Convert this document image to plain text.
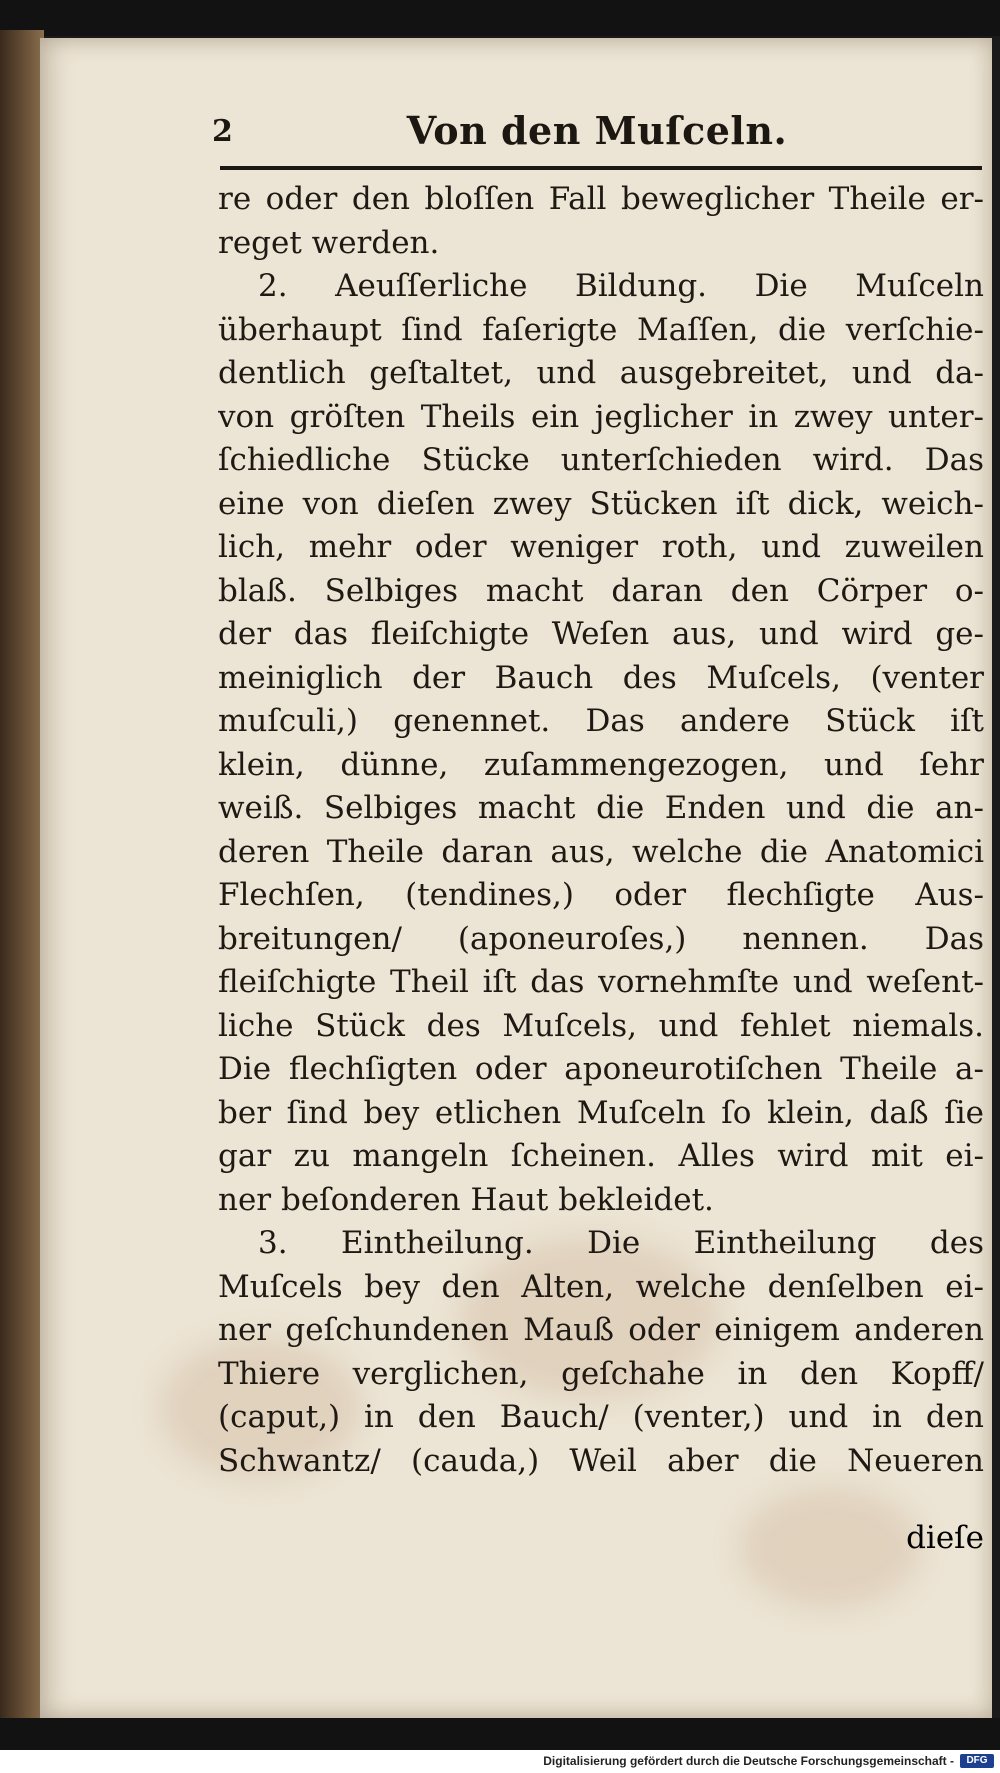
2	Von den Muſceln.
re oder den bloſſen Fall beweglicher Theile er-
reget werden.
2. Aeuſſerliche Bildung. Die Muſceln
überhaupt ſind faſerigte Maſſen, die verſchie-
dentlich geſtaltet, und ausgebreitet, und da-
von gröſten Theils ein jeglicher in zwey unter-
ſchiedliche Stücke unterſchieden wird. Das
eine von dieſen zwey Stücken iſt dick, weich-
lich, mehr oder weniger roth, und zuweilen
blaß. Selbiges macht daran den Cörper o-
der das fleiſchigte Weſen aus, und wird ge-
meiniglich der Bauch des Muſcels, (venter
muſculi,) genennet. Das andere Stück iſt
klein, dünne, zuſammengezogen, und ſehr
weiß. Selbiges macht die Enden und die an-
deren Theile daran aus, welche die Anatomici
Flechſen, (tendines,) oder flechſigte Aus-
breitungen/ (aponeuroſes,) nennen. Das
fleiſchigte Theil iſt das vornehmſte und weſent-
liche Stück des Muſcels, und fehlet niemals.
Die flechſigten oder aponeurotiſchen Theile a-
ber ſind bey etlichen Muſceln ſo klein, daß ſie
gar zu mangeln ſcheinen. Alles wird mit ei-
ner beſonderen Haut bekleidet.
3. Eintheilung. Die Eintheilung des
Muſcels bey den Alten, welche denſelben ei-
ner geſchundenen Mauß oder einigem anderen
Thiere verglichen, geſchahe in den Kopff/
(caput,) in den Bauch/ (venter,) und in den
Schwantz/ (cauda,) Weil aber die Neueren
dieſe
Digitalisierung gefördert durch die Deutsche Forschungsgemeinschaft -	DFG
